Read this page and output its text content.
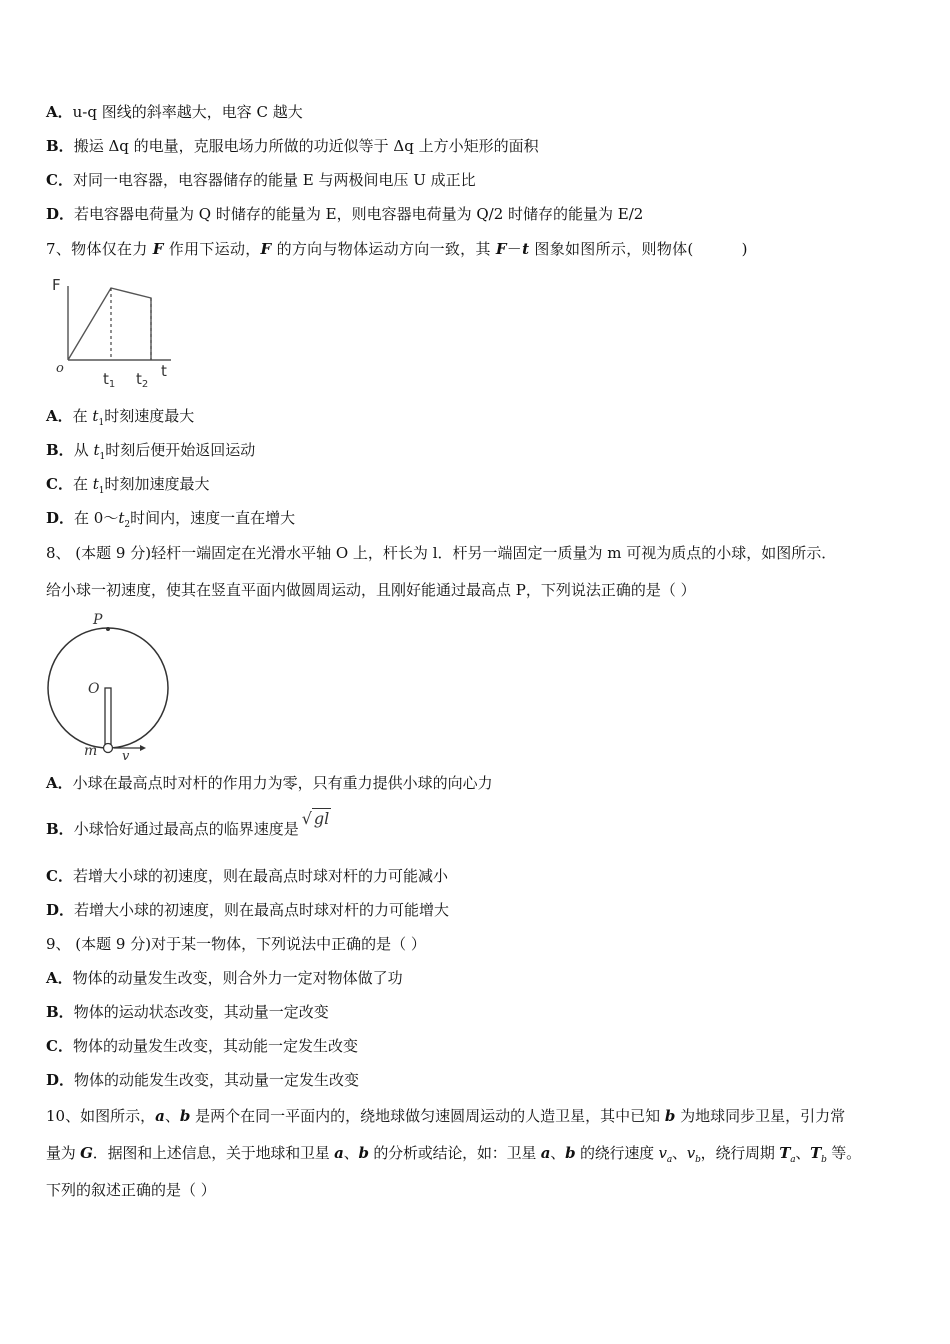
A．u-q 图线的斜率越大，电容 C 越大
B．搬运 Δq 的电量，克服电场力所做的功近似等于 Δq 上方小矩形的面积
C．对同一电容器，电容器储存的能量 E 与两极间电压 U 成正比
D．若电容器电荷量为 Q 时储存的能量为 E，则电容器电荷量为 Q/2 时储存的能量为 E/2
7、物体仅在力 F 作用下运动，F 的方向与物体运动方向一致，其 F－t 图象如图所示，则物体(	)
F
o
$t_1$ $t_2$
t
A．在 $t_1$时刻速度最大
B．从 $t_1$时刻后便开始返回运动
C．在 $t_1$时刻加速度最大
D．在 $0\sim t_2$时间内，速度一直在增大
8、 (本题 9 分)轻杆一端固定在光滑水平轴 O 上，杆长为 l．杆另一端固定一质量为 m 可视为质点的小球，如图所示．
给小球一初速度，使其在竖直平面内做圆周运动，且刚好能通过最高点 P，下列说法正确的是（ ）
P
O
m v
A．小球在最高点时对杆的作用力为零，只有重力提供小球的向心力
B．小球恰好通过最高点的临界速度是√ gl
C．若增大小球的初速度，则在最高点时球对杆的力可能减小
D．若增大小球的初速度，则在最高点时球对杆的力可能增大
9、 (本题 9 分)对于某一物体，下列说法中正确的是（ ）
A．物体的动量发生改变，则合外力一定对物体做了功
B．物体的运动状态改变，其动量一定改变
C．物体的动量发生改变，其动能一定发生改变
D．物体的动能发生改变，其动量一定发生改变
10、如图所示，a、b 是两个在同一平面内的，绕地球做匀速圆周运动的人造卫星，其中已知 b 为地球同步卫星，引力常
量为 G．据图和上述信息，关于地球和卫星 a、b 的分析或结论，如：卫星 a、b 的绕行速度 $v_a$、$v_b$，绕行周期 $T_a$、$T_b$ 等。
下列的叙述正确的是（ ）
